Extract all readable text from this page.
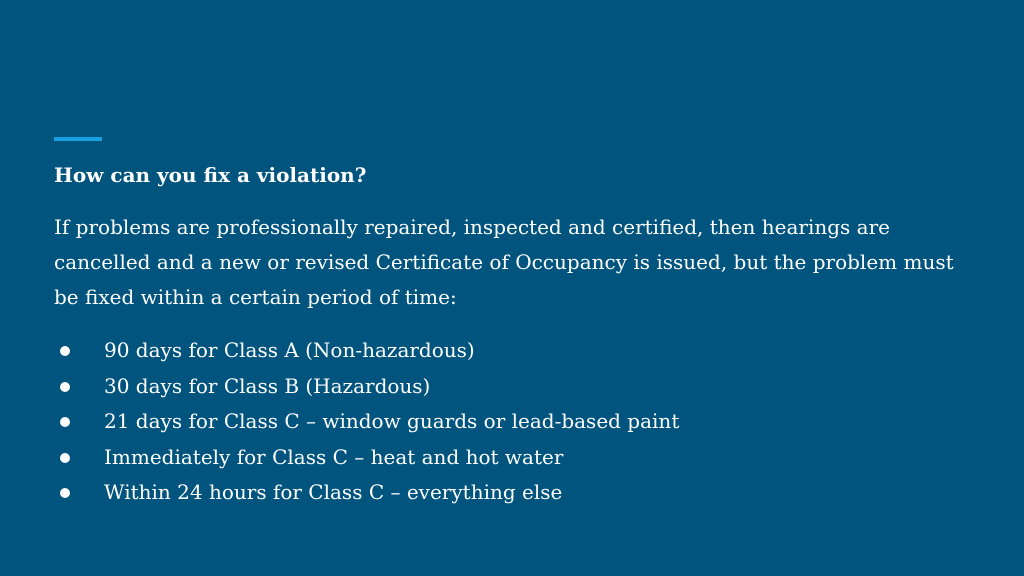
How can you fix a violation?

If problems are professionally repaired, inspected and certified, then hearings are cancelled and a new or revised Certificate of Occupancy is issued, but the problem must be fixed within a certain period of time:

90 days for Class A (Non-hazardous)
30 days for Class B (Hazardous)
21 days for Class C – window guards or lead-based paint
Immediately for Class C – heat and hot water
Within 24 hours for Class C – everything else
